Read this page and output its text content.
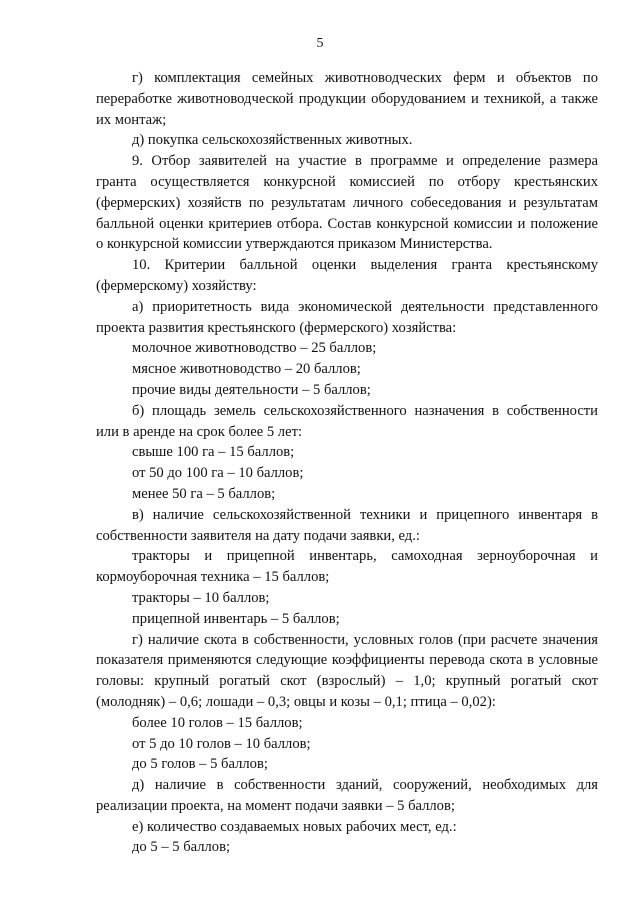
5

г) комплектация семейных животноводческих ферм и объектов по переработке животноводческой продукции оборудованием и техникой, а также их монтаж;

д) покупка сельскохозяйственных животных.

9. Отбор заявителей на участие в программе и определение размера гранта осуществляется конкурсной комиссией по отбору крестьянских (фермерских) хозяйств по результатам личного собеседования и результатам балльной оценки критериев отбора. Состав конкурсной комиссии и положение о конкурсной комиссии утверждаются приказом Министерства.

10. Критерии балльной оценки выделения гранта крестьянскому (фермерскому) хозяйству:

а) приоритетность вида экономической деятельности представленного проекта развития крестьянского (фермерского) хозяйства:

молочное животноводство – 25 баллов;

мясное животноводство – 20 баллов;

прочие виды деятельности – 5 баллов;

б) площадь земель сельскохозяйственного назначения в собственности или в аренде на срок более 5 лет:

свыше 100 га – 15 баллов;

от 50 до 100 га – 10 баллов;

менее 50 га – 5 баллов;

в) наличие сельскохозяйственной техники и прицепного инвентаря в собственности заявителя на дату подачи заявки, ед.:

тракторы и прицепной инвентарь, самоходная зерноуборочная и кормоуборочная техника – 15 баллов;

тракторы – 10 баллов;

прицепной инвентарь – 5 баллов;

г) наличие скота в собственности, условных голов (при расчете значения показателя применяются следующие коэффициенты перевода скота в условные головы: крупный рогатый скот (взрослый) – 1,0; крупный рогатый скот (молодняк) – 0,6; лошади – 0,3; овцы и козы – 0,1; птица – 0,02):

более 10 голов – 15 баллов;

от 5 до 10 голов – 10 баллов;

до 5 голов – 5 баллов;

д) наличие в собственности зданий, сооружений, необходимых для реализации проекта, на момент подачи заявки – 5 баллов;

е) количество создаваемых новых рабочих мест, ед.:

до 5 – 5 баллов;
